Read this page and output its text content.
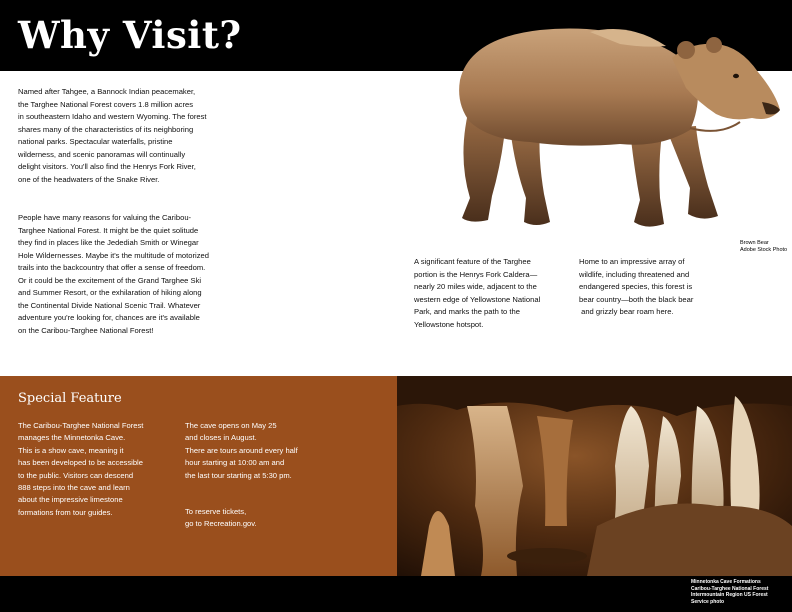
Why Visit?
Brown Bear
Adobe Stock Photo
Named after Tahgee, a Bannock Indian peacemaker,
the Targhee National Forest covers 1.8 million acres
in southeastern Idaho and western Wyoming. The forest
shares many of the characteristics of its neighboring
national parks. Spectacular waterfalls, pristine
wilderness, and scenic panoramas will continually
delight visitors. You'll also find the Henrys Fork River,
one of the headwaters of the Snake River.
People have many reasons for valuing the Caribou-
Targhee National Forest. It might be the quiet solitude
they find in places like the Jedediah Smith or Winegar
Hole Wildernesses. Maybe it's the multitude of motorized
trails into the backcountry that offer a sense of freedom.
Or it could be the excitement of the Grand Targhee Ski
and Summer Resort, or the exhilaration of hiking along
the Continental Divide National Scenic Trail. Whatever
adventure you're looking for, chances are it's available
on the Caribou-Targhee National Forest!
A significant feature of the Targhee
portion is the Henrys Fork Caldera—
nearly 20 miles wide, adjacent to the
western edge of Yellowstone National
Park, and marks the path to the
Yellowstone hotspot.
Home to an impressive array of
wildlife, including threatened and
endangered species, this forest is
bear country—both the black bear
and grizzly bear roam here.
Special Feature
The Caribou-Targhee National Forest
manages the Minnetonka Cave.
This is a show cave, meaning it
has been developed to be accessible
to the public. Visitors can descend
888 steps into the cave and learn
about the impressive limestone
formations from tour guides.
The cave opens on May 25
and closes in August.
There are tours around every half
hour starting at 10:00 am and
the last tour starting at 5:30 pm.
To reserve tickets,
go to Recreation.gov.
Minnetonka Cave Formations
Caribou-Targhee National Forest
Intermountain Region US Forest
Service photo
